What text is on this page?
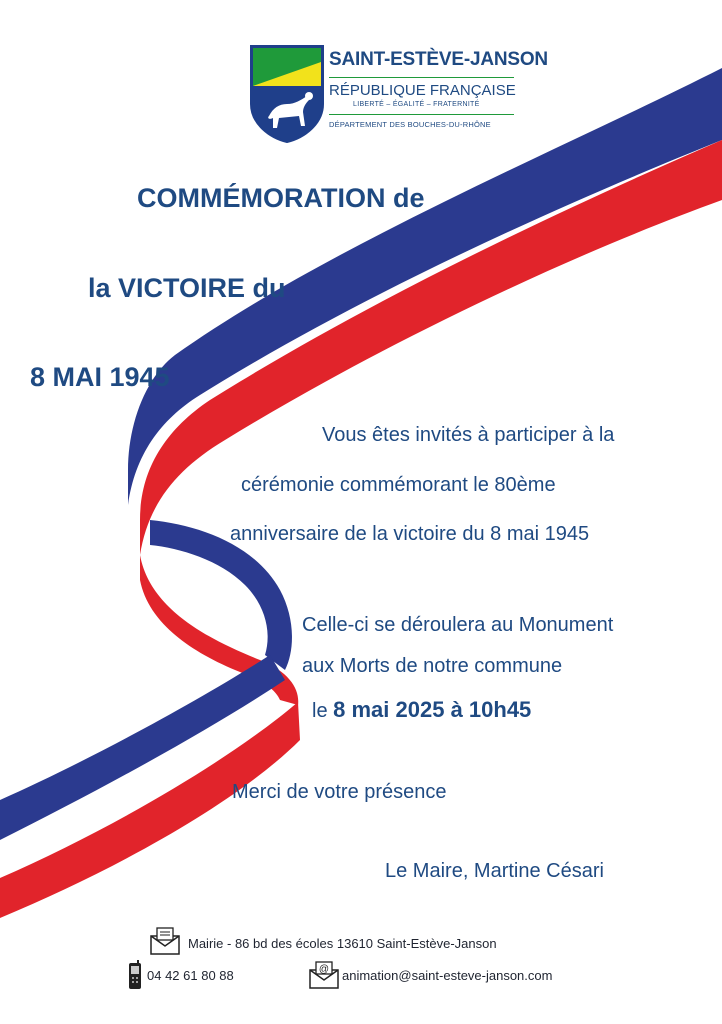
SAINT-ESTÈVE-JANSON
RÉPUBLIQUE FRANÇAISE
LIBERTÉ – ÉGALITÉ – FRATERNITÉ
DÉPARTEMENT DES BOUCHES-DU-RHÔNE
COMMÉMORATION de
la VICTOIRE du
8 MAI 1945
Vous êtes invités à participer à la
cérémonie commémorant le 80ème
anniversaire de la victoire du 8 mai 1945
Celle-ci se déroulera au Monument
aux Morts de notre commune
le 8 mai 2025 à 10h45
Merci de votre présence
Le Maire, Martine Césari
Mairie - 86 bd des écoles 13610 Saint-Estève-Janson
04 42 61 80 88	@ animation@saint-esteve-janson.com
